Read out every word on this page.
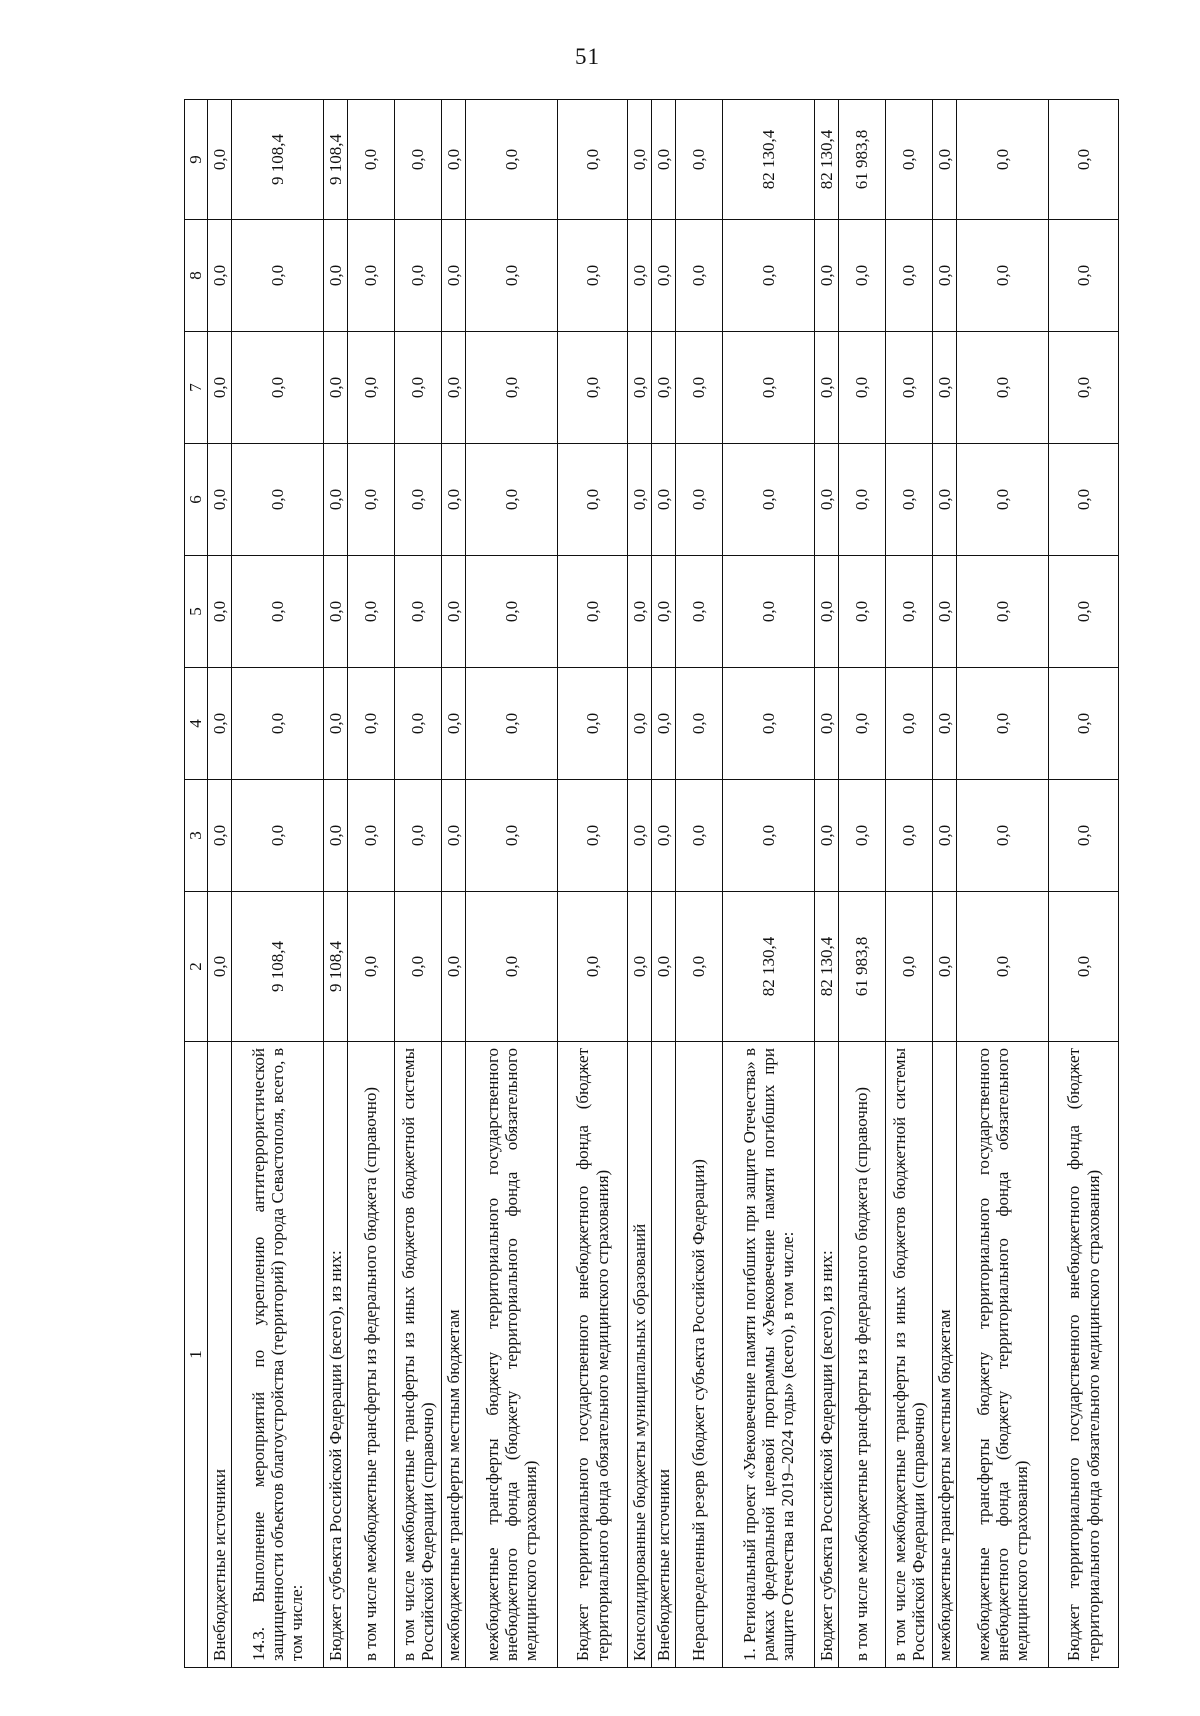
51
1	2	3	4	5	6	7	8	9
Внебюджетные источники	0,0	0,0	0,0	0,0	0,0	0,0	0,0	0,0
14.3. Выполнение мероприятий по укреплению антитеррористической защищенности объектов благоустройства (территорий) города Севастополя, всего, в том числе:	9 108,4	0,0	0,0	0,0	0,0	0,0	0,0	9 108,4
Бюджет субъекта Российской Федерации (всего), из них:	9 108,4	0,0	0,0	0,0	0,0	0,0	0,0	9 108,4
в том числе межбюджетные трансферты из федерального бюджета (справочно)	0,0	0,0	0,0	0,0	0,0	0,0	0,0	0,0
в том числе межбюджетные трансферты из иных бюджетов бюджетной системы Российской Федерации (справочно)	0,0	0,0	0,0	0,0	0,0	0,0	0,0	0,0
межбюджетные трансферты местным бюджетам	0,0	0,0	0,0	0,0	0,0	0,0	0,0	0,0
межбюджетные трансферты бюджету территориального государственного внебюджетного фонда (бюджету территориального фонда обязательного медицинского страхования)	0,0	0,0	0,0	0,0	0,0	0,0	0,0	0,0
Бюджет территориального государственного внебюджетного фонда (бюджет территориального фонда обязательного медицинского страхования)	0,0	0,0	0,0	0,0	0,0	0,0	0,0	0,0
Консолидированные бюджеты муниципальных образований	0,0	0,0	0,0	0,0	0,0	0,0	0,0	0,0
Внебюджетные источники	0,0	0,0	0,0	0,0	0,0	0,0	0,0	0,0
Нераспределенный резерв (бюджет субъекта Российской Федерации)	0,0	0,0	0,0	0,0	0,0	0,0	0,0	0,0
1. Региональный проект «Увековечение памяти погибших при защите Отечества» в рамках федеральной целевой программы «Увековечение памяти погибших при защите Отечества на 2019–2024 годы» (всего), в том числе:	82 130,4	0,0	0,0	0,0	0,0	0,0	0,0	82 130,4
Бюджет субъекта Российской Федерации (всего), из них:	82 130,4	0,0	0,0	0,0	0,0	0,0	0,0	82 130,4
в том числе межбюджетные трансферты из федерального бюджета (справочно)	61 983,8	0,0	0,0	0,0	0,0	0,0	0,0	61 983,8
в том числе межбюджетные трансферты из иных бюджетов бюджетной системы Российской Федерации (справочно)	0,0	0,0	0,0	0,0	0,0	0,0	0,0	0,0
межбюджетные трансферты местным бюджетам	0,0	0,0	0,0	0,0	0,0	0,0	0,0	0,0
межбюджетные трансферты бюджету территориального государственного внебюджетного фонда (бюджету территориального фонда обязательного медицинского страхования)	0,0	0,0	0,0	0,0	0,0	0,0	0,0	0,0
Бюджет территориального государственного внебюджетного фонда (бюджет территориального фонда обязательного медицинского страхования)	0,0	0,0	0,0	0,0	0,0	0,0	0,0	0,0
